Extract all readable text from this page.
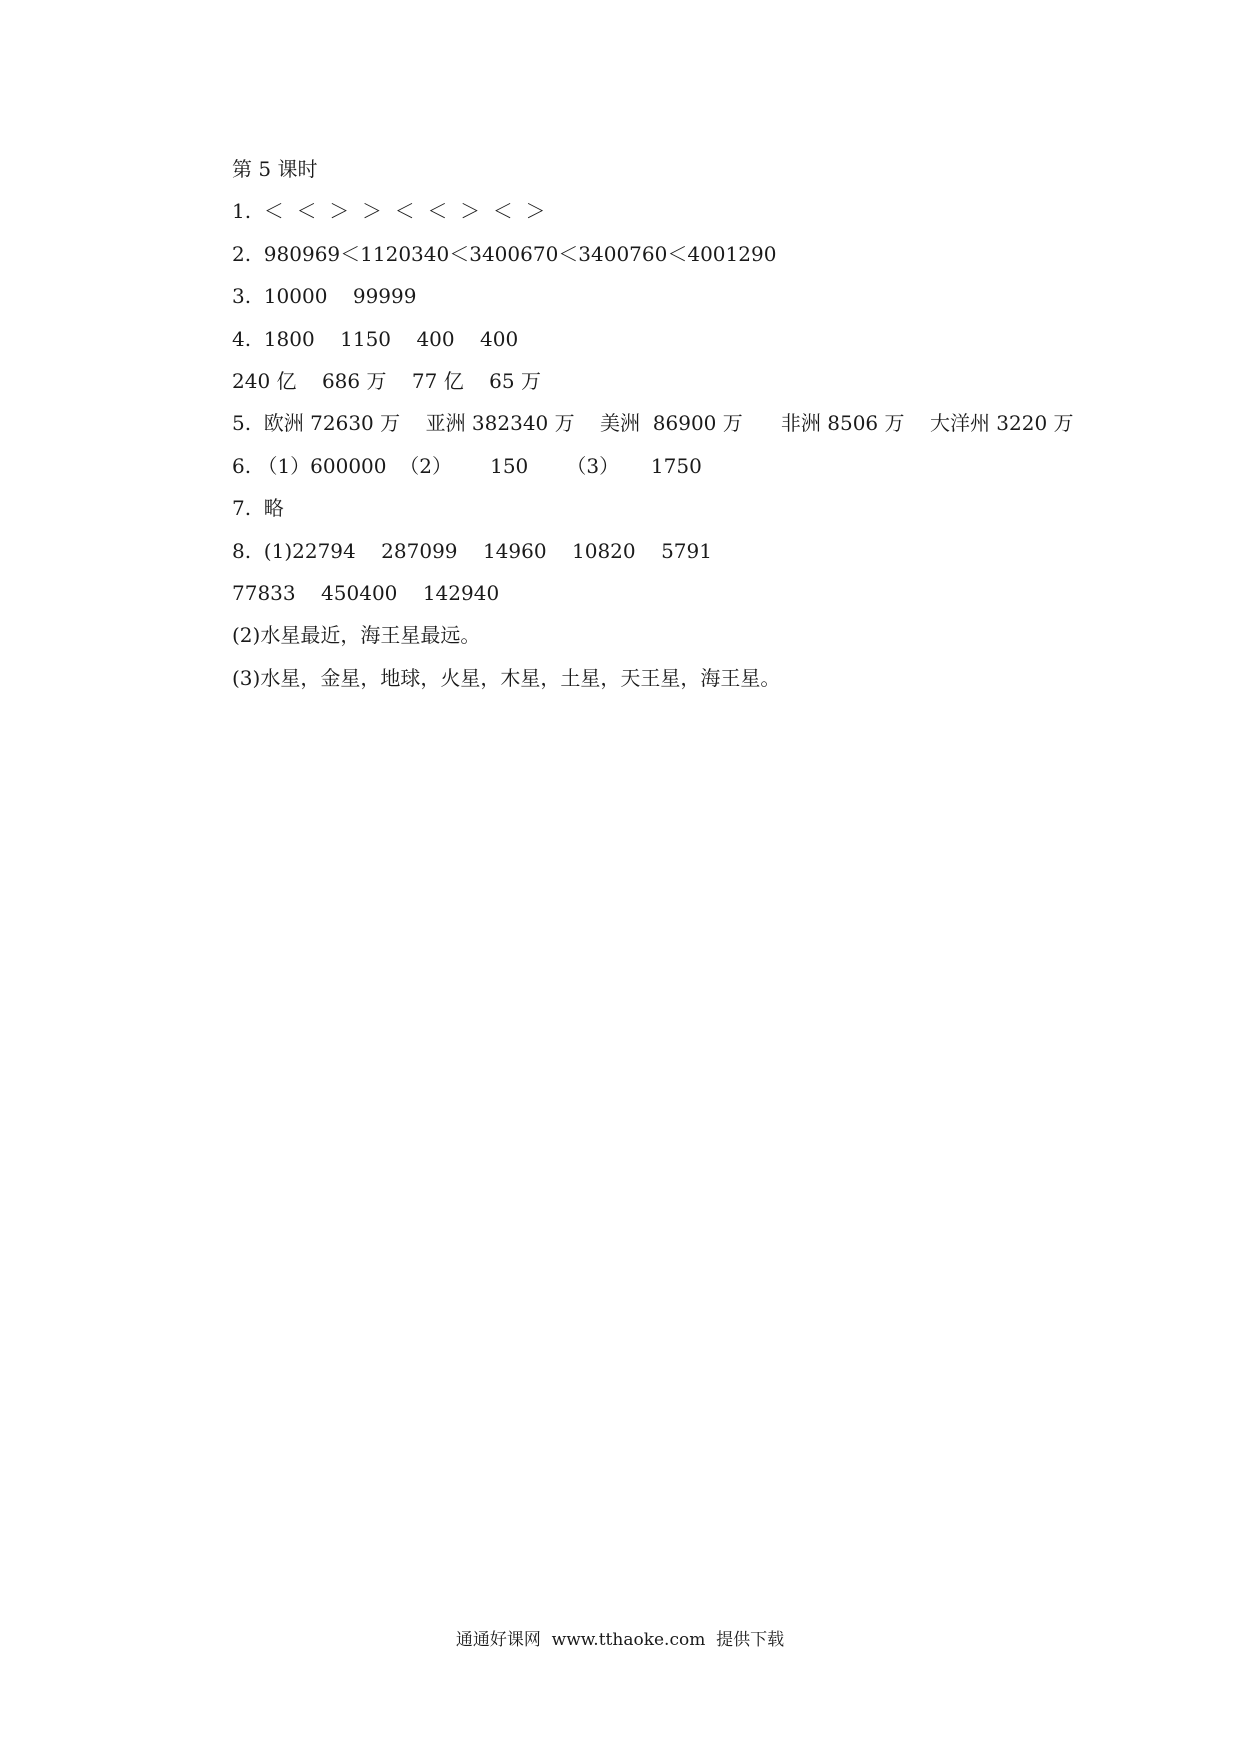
第 5 课时
1.  ＜  ＜  ＞  ＞  ＜  ＜  ＞  ＜  ＞
2.  980969＜1120340＜3400670＜3400760＜4001290
3.  10000    99999
4.  1800    1150    400    400
240 亿    686 万    77 亿    65 万
5.  欧洲 72630 万    亚洲 382340 万    美洲  86900 万      非洲 8506 万    大洋州 3220 万
6. （1）600000  （2）      150      （3）     1750
7.  略
8.  (1)22794    287099    14960    10820    5791
77833    450400    142940
(2)水星最近，海王星最远。
(3)水星，金星，地球，火星，木星，土星，天王星，海王星。
通通好课网  www.tthaoke.com  提供下载
